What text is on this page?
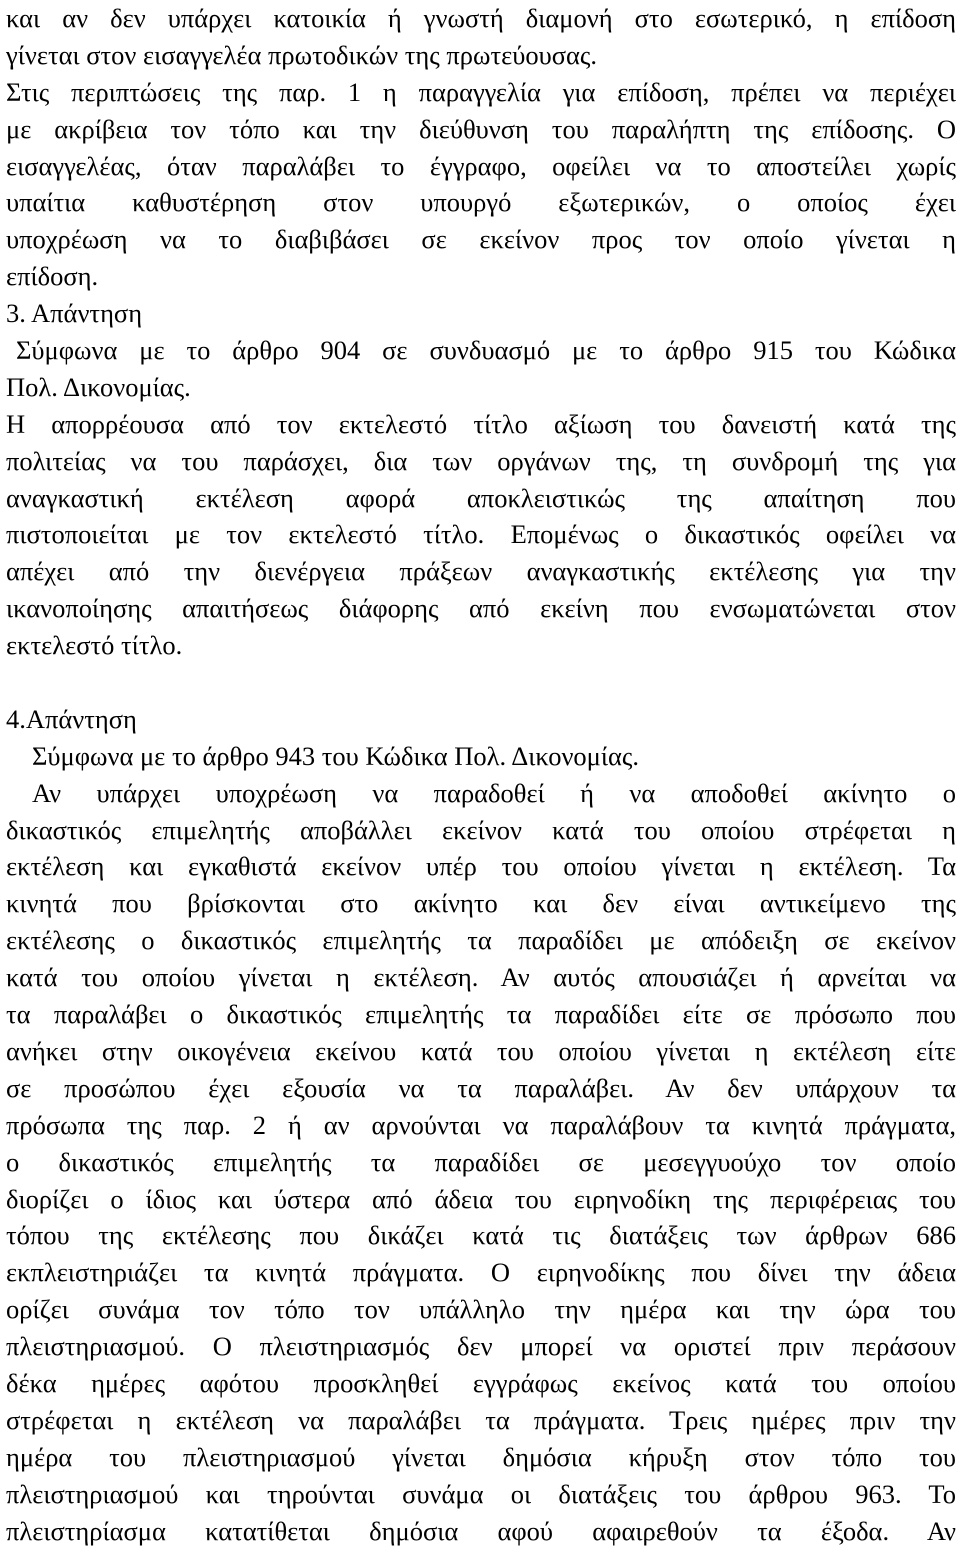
και αν δεν υπάρχει κατοικία ή γνωστή διαμονή στο εσωτερικό, η επίδοση
γίνεται στον εισαγγελέα πρωτοδικών της πρωτεύουσας.
Στις περιπτώσεις της παρ. 1 η παραγγελία για επίδοση, πρέπει να περιέχει
με ακρίβεια τον τόπο και την διεύθυνση του παραλήπτη της επίδοσης. Ο
εισαγγελέας, όταν παραλάβει το έγγραφο, οφείλει να το αποστείλει χωρίς
υπαίτια καθυστέρηση στον υπουργό εξωτερικών, ο οποίος έχει
υποχρέωση να το διαβιβάσει σε εκείνον προς τον οποίο γίνεται η
επίδοση.
3. Απάντηση
Σύμφωνα με το άρθρο 904 σε συνδυασμό με το άρθρο 915 του Κώδικα
Πολ. Δικονομίας.
Η απορρέουσα από τον εκτελεστό τίτλο αξίωση του δανειστή κατά της
πολιτείας να του παράσχει, δια των οργάνων της, τη συνδρομή της για
αναγκαστική εκτέλεση αφορά αποκλειστικώς της απαίτηση που
πιστοποιείται με τον εκτελεστό τίτλο. Επομένως ο δικαστικός οφείλει να
απέχει από την διενέργεια πράξεων αναγκαστικής εκτέλεσης για την
ικανοποίησης απαιτήσεως διάφορης από εκείνη που ενσωματώνεται στον
εκτελεστό τίτλο.
4.Απάντηση
Σύμφωνα με το άρθρο 943 του Κώδικα Πολ. Δικονομίας.
Αν υπάρχει υποχρέωση να παραδοθεί ή να αποδοθεί ακίνητο ο
δικαστικός επιμελητής αποβάλλει εκείνον κατά του οποίου στρέφεται η
εκτέλεση και εγκαθιστά εκείνον υπέρ του οποίου γίνεται η εκτέλεση. Τα
κινητά που βρίσκονται στο ακίνητο και δεν είναι αντικείμενο της
εκτέλεσης ο δικαστικός επιμελητής τα παραδίδει με απόδειξη σε εκείνον
κατά του οποίου γίνεται η εκτέλεση. Αν αυτός απουσιάζει ή αρνείται να
τα παραλάβει ο δικαστικός επιμελητής τα παραδίδει είτε σε πρόσωπο που
ανήκει στην οικογένεια εκείνου κατά του οποίου γίνεται η εκτέλεση είτε
σε προσώπου έχει εξουσία να τα παραλάβει. Αν δεν υπάρχουν τα
πρόσωπα της παρ. 2 ή αν αρνούνται να παραλάβουν τα κινητά πράγματα,
ο δικαστικός επιμελητής τα παραδίδει σε μεσεγγυούχο τον οποίο
διορίζει ο ίδιος και ύστερα από άδεια του ειρηνοδίκη της περιφέρειας του
τόπου της εκτέλεσης που δικάζει κατά τις διατάξεις των άρθρων 686
εκπλειστηριάζει τα κινητά πράγματα. Ο ειρηνοδίκης που δίνει την άδεια
ορίζει συνάμα τον τόπο τον υπάλληλο την ημέρα και την ώρα του
πλειστηριασμού. Ο πλειστηριασμός δεν μπορεί να οριστεί πριν περάσουν
δέκα ημέρες αφότου προσκληθεί εγγράφως εκείνος κατά του οποίου
στρέφεται η εκτέλεση να παραλάβει τα πράγματα. Τρεις ημέρες πριν την
ημέρα του πλειστηριασμού γίνεται δημόσια κήρυξη στον τόπο του
πλειστηριασμού και τηρούνται συνάμα οι διατάξεις του άρθρου 963. Το
πλειστηρίασμα κατατίθεται δημόσια αφού αφαιρεθούν τα έξοδα. Αν
